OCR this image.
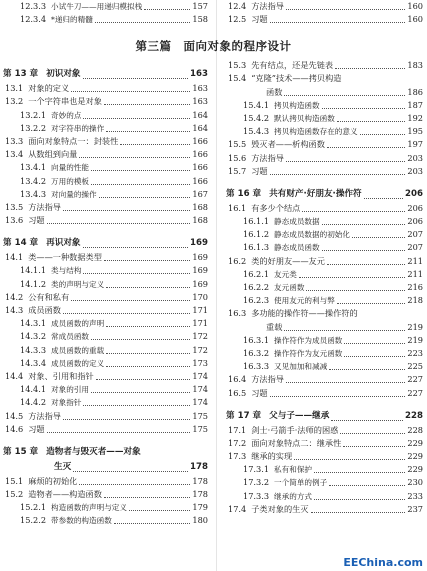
12.3.3 小试牛刀——用递归模拟栈	157
12.3.4 *递归的精髓	158
12.4 方法指导	160
12.5 习题	160
第三篇　面向对象的程序设计
第 13 章 初识对象	163
13.1 对象的定义	163
13.2 一个字符串也是对象	163
13.2.1 奇妙的点	164
13.2.2 对字符串的操作	164
13.3 面向对象特点一：封装性	166
13.4 从数组到向量	166
13.4.1 向量的性能	166
13.4.2 万用的模板	166
13.4.3 对向量的操作	167
13.5 方法指导	168
13.6 习题	168
第 14 章 再识对象	169
14.1 类——一种数据类型	169
14.1.1 类与结构	169
14.1.2 类的声明与定义	169
14.2 公有和私有	170
14.3 成员函数	171
14.3.1 成员函数的声明	171
14.3.2 常成员函数	172
14.3.3 成员函数的重载	172
14.3.4 成员函数的定义	173
14.4 对象、引用和指针	174
14.4.1 对象的引用	174
14.4.2 对象指针	174
14.5 方法指导	175
14.6 习题	175
第 15 章 造物者与毁灭者——对象
生灭	178
15.1 麻烦的初始化	178
15.2 造物者——构造函数	178
15.2.1 构造函数的声明与定义	179
15.2.2 带参数的构造函数	180
15.3 先有结点，还是先链表	183
15.4 “克隆”技术——拷贝构造
函数	186
15.4.1 拷贝构造函数	187
15.4.2 默认拷贝构造函数	192
15.4.3 拷贝构造函数存在的意义	195
15.5 毁灭者——析构函数	197
15.6 方法指导	203
15.7 习题	203
第 16 章 共有财产·好朋友·操作符	206
16.1 有多少个结点	206
16.1.1 静态成员数据	206
16.1.2 静态成员数据的初始化	207
16.1.3 静态成员函数	207
16.2 类的好朋友——友元	211
16.2.1 友元类	211
16.2.2 友元函数	216
16.2.3 使用友元的利与弊	218
16.3 多功能的操作符——操作符的
重载	219
16.3.1 操作符作为成员函数	219
16.3.2 操作符作为友元函数	223
16.3.3 又见加加和减减	225
16.4 方法指导	227
16.5 习题	227
第 17 章 父与子——继承	228
17.1 剑士·弓箭手·法师的困惑	228
17.2 面向对象特点二：继承性	229
17.3 继承的实现	229
17.3.1 私有和保护	229
17.3.2 一个简单的例子	230
17.3.3 继承的方式	233
17.4 子类对象的生灭	237
EEChina.com
